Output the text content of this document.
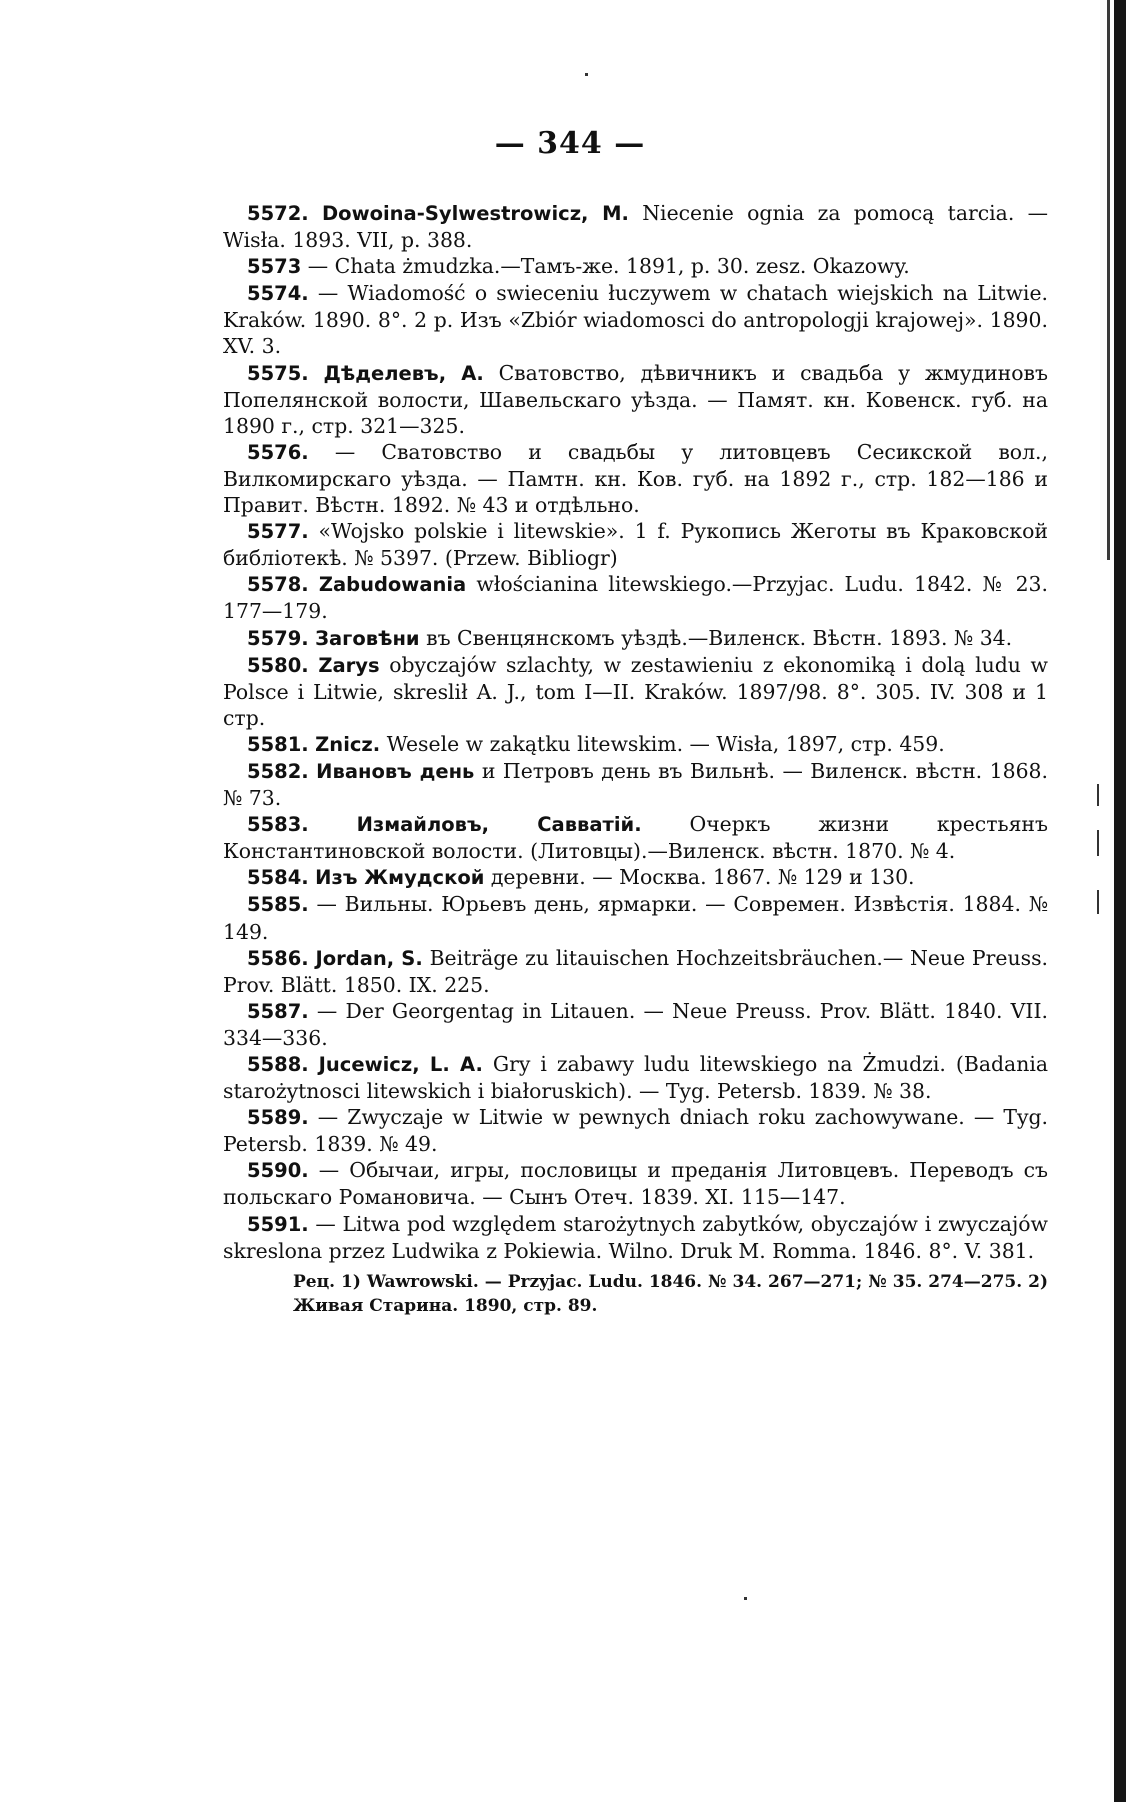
— 344 —

5572. Dowoina-Sylwestrowicz, M. Niecenie ognia za pomocą tarcia. — Wisła. 1893. VII, p. 388.

5573 — Chata żmudzka.—Тамъ-же. 1891, p. 30. zesz. Okazowy.

5574. — Wiadomość o swieceniu łuczywem w chatach wiejskich na Litwie. Kraków. 1890. 8°. 2 p. Изъ «Zbiór wiadomosci do antropologji krajowej». 1890. XV. 3.

5575. Дѣделевъ, А. Сватовство, дѣвичникъ и свадьба у жмудиновъ Попелянской волости, Шавельскаго уѣзда. — Памят. кн. Ковенск. губ. на 1890 г., стр. 321—325.

5576. — Сватовство и свадьбы у литовцевъ Сесикской вол., Вилкомирскаго уѣзда. — Памтн. кн. Ков. губ. на 1892 г., стр. 182—186 и Правит. Вѣстн. 1892. № 43 и отдѣльно.

5577. «Wojsko polskie i litewskie». 1 f. Рукопись Жеготы въ Краковской библіотекѣ. № 5397. (Przew. Bibliogr)

5578. Zabudowania włościanina litewskiego.—Przyjac. Ludu. 1842. № 23. 177—179.

5579. Заговѣни въ Свенцянскомъ уѣздѣ.—Виленск. Вѣстн. 1893. № 34.

5580. Zarys obyczajów szlachty, w zestawieniu z ekonomiką i dolą ludu w Polsce i Litwie, skreslił A. J., tom I—II. Kraków. 1897/98. 8°. 305. IV. 308 и 1 стр.

5581. Znicz. Wesele w zakątku litewskim. — Wisła, 1897, стр. 459.

5582. Ивановъ день и Петровъ день въ Вильнѣ. — Виленск. вѣстн. 1868. № 73.

5583. Измайловъ, Савватій. Очеркъ жизни крестьянъ Константиновской волости. (Литовцы).—Виленск. вѣстн. 1870. № 4.

5584. Изъ Жмудской деревни. — Москва. 1867. № 129 и 130.

5585. — Вильны. Юрьевъ день, ярмарки. — Современ. Извѣстія. 1884. № 149.

5586. Jordan, S. Beiträge zu litauischen Hochzeitsbräuchen.— Neue Preuss. Prov. Blätt. 1850. IX. 225.

5587. — Der Georgentag in Litauen. — Neue Preuss. Prov. Blätt. 1840. VII. 334—336.

5588. Jucewicz, L. A. Gry i zabawy ludu litewskiego na Żmudzi. (Badania starożytnosci litewskich i białoruskich). — Tyg. Petersb. 1839. № 38.

5589. — Zwyczaje w Litwie w pewnych dniach roku zachowywane. — Tyg. Petersb. 1839. № 49.

5590. — Обычаи, игры, пословицы и преданія Литовцевъ. Переводъ съ польскаго Романовича. — Сынъ Отеч. 1839. XI. 115—147.

5591. — Litwa pod względem starożytnych zabytków, obyczajów i zwyczajów skreslona przez Ludwika z Pokiewia. Wilno. Druk M. Romma. 1846. 8°. V. 381.

Рец. 1) Wawrowski. — Przyjac. Ludu. 1846. № 34. 267—271; № 35. 274—275. 2) Живая Старина. 1890, стр. 89.
